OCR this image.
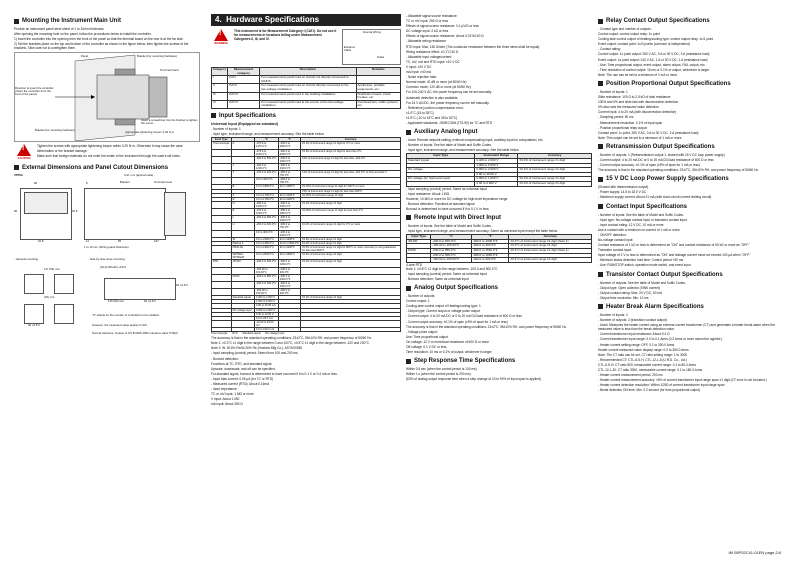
Mounting the Instrument Main Unit

Provide an instrument panel steel sheet of 1 to 10mm thickness.

After opening the mounting hole on the panel, follow the procedures below to install the controller.

1) Insert the controller into the opening from the front of the panel so that the terminal board on the rear is at the far side.

2) Set the brackets place on the top and bottom of the controller as shown in the figure below, then tighten the screws of the brackets. Take care not to overtighten them.

Panel	Bracket (for mounting hardware)
Terminal board
Direction to insert the controller (Insert the controller from the front of the panel)
Insert a screwdriver into the bracket to tighten the screw.
Bracket (for mounting hardware)	Appropriate tightening torque: 0.29 N·m
!
CAUTION

Tighten the screws with appropriate tightening torque within 0.29 N·m. Otherwise it may cause the case deformation or the bracket damage.

Make sure that foreign materials do not enter the inside of the instrument through the case's slit holes.

External Dimensions and Panel Cutout Dimensions
UP55A	Unit: mm (approximate)
Bracket	Terminal cover
96
96	91.8
91.8	65	107
11
8
1 to 10 mm (Wiring panel thickness)
- General mounting	- Side-by-side close mounting
[(N-1)×96+92] +0.8 0
117 (53) min.
(25) min.
92 +0.8 0
92 +0.8 0
145 (53) min.	92 +0.8 0
"N" stands for the number of controllers to be installed.
However, the measured value applies if N≥5.
Normal tolerance: ±(value of JIS B 0405-1991 tolerance class IT18)/2
4.
Hardware Specifications
!
WARNING

This instrument is for Measurement Category I (CAT.I). Do not use it for measurements in locations falling under Measurement Categories II, III, and IV.

Internal Wiring
Entrance Cable
Outlet
Category	Measurement category	Description	Remarks
I	CAT.I	For measurements performed on circuits not directly connected to MAINS.	
II	CAT.II	For measurements performed on circuits directly connected to the low-voltage installation.	Appliances, portable equipments, etc.
III	CAT.III	For measurements performed in the building installation.	Distribution board, circuit breaker, etc.
IV	CAT.IV	For measurements performed at the source of the low-voltage installation.	Overhead wire, cable systems, etc.
Input Specifications

Universal Input (Equipped as standard)

- Number of inputs: 1

- Input type, instrument range, and measurement accuracy: See the table below.

Input Type		°C	°F	Accuracy
Thermocouple	K	-270.0 to 1370.0°C	-450.0 to 2500.0°F	±0.1% of instrument range ±1 digit for 0°C or more
		-270.0 to 1000.0°C	-450.0 to 2300.0°F	±0.2% of instrument range ±1 digit for less than 0°C
		-200.0 to 500.0°C	-200.0 to 1000.0°F	±2% of instrument range ±1 digit for less than -200.0°C
	J	-200.0 to 1200.0°C	-300.0 to 2300.0°F	
	T	-270.0 to 400.0°C	-450.0 to 750.0°F	±1% of instrument range ±1 digit for less than -200.0°C of thermocouple T
		0.0 to 400.0°C	-200.0 to 750.0°F	
	B	0.0 to 1800.0°C	32 to 3300°F	±0.15% of instrument range ±1 digit for 400°C or more
				±5% of instrument range ±1 digit for less than 400°C
	S	0.0 to 1700.0°C	32 to 3100°F	±0.15% of instrument range ±1 digit
	R	0.0 to 1700.0°C	32 to 3100°F	
	N	-200.0 to 1300.0°C	-300.0 to 2400.0°F	±0.1% of instrument range ±1 digit
	E	-270.0 to 1000.0°C	-450.0 to 1800.0°F	±0.25% of instrument range ±1 digit for less than 0°C
	L	-200.0 to 900.0°C	-300.0 to 1600.0°F	
	U	-200.0 to 400.0°C	-300.0 to 750.0°F	±0.1% of instrument range ±1 digit for 0°C or more
		0.0 to 400.0°C	-200.0 to 1000.0°F	
	W	0.0 to 2300.0°C	32 to 4200°F	±0.2% of instrument range ±1 digit
	Platinel 2	0.0 to 1390.0°C	32.0 to 2500.0°F	±0.1% of instrument range ±1 digit
	PR20-40	0.0 to 1900.0°C	32 to 3400°F	±0.5% of instrument range ±1 digit for 800°C or more; Accuracy is not guaranteed for less than 800°C
	W97Re3-W75Re25	0.0 to 2000.0°C	32 to 3600°F	±0.2% of instrument range ±1 digit
RTD	JPt100	-200.0 to 500.0°C	-300.0 to 1000.0°F	±0.1% of instrument range ±1 digit
		-150.00 to 150.00°C	-200.0 to 300.0°F	
	Pt100	-200.0 to 850.0°C	-300.0 to 1560.0°F	
		-200.0 to 500.0°C	-300.0 to 1000.0°F	
		-150.00 to 150.00°C	-200.0 to 300.0°F	
	Standard signal	0.400 to 2.000 V		±0.1% of instrument range ±1 digit
		1.000 to 5.000 V		
		4.00 to 20.00 mA		
	DC voltage input	0.000 to 2.000 V		
		0.00 to 10.00 V		
		0.0 to 20.0 mA		
		-10.00 to 20.00 mV		
		0.0 to 100.0 mV		
Thermocouple RTD Standard signal DC voltage input

The accuracy is that in the standard operating conditions: 23±2°C, 55±10% RH, and power frequency of 50/60 Hz.

Note 1: ±0.3°C ±1 digit in the range between 0 and 100°C, ±0.5°C ±1 digit in the range between -100 and 200°C.

Note 2: W: W-5% Re/W-26% Re (Hoskins Mfg.Co.), ASTM E988

- Input sampling (control) period: Select from 100 and 200 ms.

- Burnout detection:

Functions at TC, RTD, and standard signal.

Upscale, downscale, and off can be specified.

For standard signal, burnout is determined to have occurred if it is 0.1 V or 0.4 mA or less.

- Input bias current: 0.05 μA (for TC or RTD)

- Measured current (RTD): About 0.16mA

- Input impedance:

TC or mV input: 1 MΩ or more

V input: About 1 MΩ

mA input: About 250 Ω

- Allowable signal source resistance:

TC or mV input: 250 Ω or less

Effects of signal source resistance: 0.1 μV/Ω or less

DC voltage input: 2 kΩ or less

Effects of signal source resistance: About 0.01%/100 Ω

- Allowable wiring resistance

RTD input: Max. 150 Ω/wire (The conductor resistance between the three wires shall be equal).

Wiring resistance effect: ±0.1°C/10 Ω

- Allowable input voltage/current:

TC, mV, mA and RTD input: ±10 V DC

V input: ±20 V DC

mA input: ±40 mA

- Noise rejection ratio:

Normal mode: 40 dB or more (at 50/60 Hz)

Common mode: 120 dB or more (at 50/60 Hz)

For 100-240 V AC, the power frequency can be set manually.

Automatic detection is also available.

For 24 V AC/DC, the power frequency can be set manually.

- Reference junction compensation error:

±1.0°C (15 to 35°C)

±1.5°C (-10 to 15°C and 35 to 50°C)

- Applicable standards: JIS/IEC/DIN (ITS-90) for TC and RTD

Auxiliary Analog Input

- Used: Remote setpoint setting, external compensating input, auxiliary input for computation, etc.

- Number of inputs: See the table of Model and Suffix Codes.

- Input type, instrument range, and measurement accuracy: See the table below.

Input Type	Instrument Range	Accuracy
Standard signal	0.400 to 2.000 V	±0.1% of instrument range ±1 digit
	1.000 to 5.000 V	
DC voltage	0.000 to 2.000 V	±0.1% of instrument range ±1 digit
	0.00 to 10.00 V	
DC voltage (for high-level input)	0.000 to 1.000 V	±0.1% of instrument range ±1 digit
	0.00 to 2.000 V	±0.1% of instrument range ±1 digit

- Input sampling (control) period: Same as universal input

- Input resistance: About 1 MΩ

However, 10 MΩ or more for DC voltage for high-level impedance range

- Burnout detection: Functions at standard signal

Burnout is determined to have occurred if it is 0.1 V or less.

Remote Input with Direct Input

- Number of inputs: See the table of Model and Suffix Codes.

- Input type, instrument range, and measurement accuracy: Same as universal input except the table below.

Input Type	°C	°F	Accuracy
JPt100	-200.0 to 500.0°C	-300.0 to 1000.0°F	±0.4°C of instrument range ±1 digit (Note 1)
	-150.00 to 150.00°C	-200.0 to 300.0°F	±0.4°C of instrument range ±1 digit
Pt100	-200.0 to 850.0°C	-300.0 to 1560.0°F	±0.4°C of instrument range ±1 digit (Note 1)
	-200.0 to 500.0°C	-300.0 to 1000.0°F	
	-150.00 to 150.00°C	-200.0 to 300.0°F	±0.4°C of instrument range ±1 digit
4-wire RTD

Note 1: ±0.8°C ±1 digit in the range between -200.0 and 500.0°C.

- Input sampling (control) period: Same as universal input

- Burnout detection: Same as universal input

Analog Output Specifications

- Number of outputs:

Control output: 1

Cooling-side control output of Heating/cooling type: 1

- Output type: Current output or voltage pulse output

- Current output: 4 to 20 mA DC or 0 to 20 mA DC/load resistance of 600 Ω or less

- Current output accuracy: ±0.1% of span (±5% of span for 1 mA or less)

The accuracy is that in the standard operating conditions: 23±2°C, 55±10% RH, and power frequency of 50/60 Hz.

- Voltage pulse output:

Use: Time proportional output

On-voltage: 12 V or more/load resistance of 600 Ω or more

Off-voltage: 0.1 V DC or less

Time resolution: 10 ms or 0.1% of output, whichever is larger

Step Response Time Specifications

Within 0.5 sec (when the control period is 100 ms)

Within 1 s (when the control period is 200 ms)

(63% of analog output response time when a step change of 10 to 90% of input span is applied)

Relay Contact Output Specifications

- Contact type and number of outputs:

Control output: control output relay: 1c point

Cooling-side control output of heating/cooling type: control output relay: 1c/1 point

Event output: contact point: 1c/3 points (common is independent)

- Contact rating:

Control output: 1c point output: 250 V AC, 3 A or 30 V DC, 3 A (resistance load)

Event output: 1a point output: 240 V AC, 1 A or 30 V DC, 1 A (resistance load)

- Use: Time proportional output, event output, alarm output, FAIL output, etc.

- Time resolution of control output: 10 ms or 0.1% of output, whichever is larger

Note: The use can be set to a minimum of 1 mA or more.

Position Proportional Output Specifications

- Number of inputs: 1

Slide resistance: 100 Ω to 2.5 kΩ of total resistance

100% and 0% and slide fast with disconnection detection

0% also sets the measured value detection

Current input: 4 to 20 mA (with disconnection detection)

- Sampling period: 50 ms

- Measurement resolution: 0.1% of input span

- Position proportional relay output:

Contact point: 1c point, 250 V AC, 3 A or 30 V DC, 3 A (resistance load)

Note: This output can be set to a minimum of 1 mA or more.

Retransmission Output Specifications

- Number of outputs: 1 (Retransmission output 1, shared with 15 V DC loop power supply)

- Current output: 4 to 20 mA DC or 0 to 20 mA DC/load resistance of 600 Ω or less

- Current output accuracy: ±0.1% of span (±5% of span for 1 mA or less)

The accuracy is that in the standard operating conditions: 23±2°C, 55±10% RH, and power frequency of 50/60 Hz.

15 V DC Loop Power Supply Specifications

(Shared with retransmission output)

- Power supply: 14.5 to 18.0 V DC

- Maximum supply current: About 21 mA (with short-circuit current limiting circuit)

Contact Input Specifications

- Number of inputs: See the table of Model and Suffix Codes.

- Input type: No-voltage contact input or transistor contact input

- Input contact rating: 12 V DC, 10 mA or more

Use a contact with a minimum on-current of 1 mA or more.

- ON/OFF detection:

No-voltage contact input:

Contact resistance of 1 kΩ or less is determined as "ON" and contact resistance of 50 kΩ or more as "OFF."

Transistor contact input:

Input voltage of 2 V or less is determined as "ON" and leakage current must not exceed 100 μA when "OFF."

- Minimum status detection hold time: Control period +50 ms

- Use: RUN/STOP switch, operation mode switch, and event input

Transistor Contact Output Specifications

- Number of outputs: See the table of Model and Suffix Codes.

- Output type: Open collector (SINK current)

- Output contact rating: Max. 24 V DC, 50 mA

- Output time resolution: Min. 10 ms

Heater Break Alarm Specifications

- Number of inputs: 2

- Number of outputs: 2 (transistor contact output)

- Used: Measures the heater current using an external current transformer (CT) and generates a heater break alarm when the measured value is less than the break detection value.

- Current transformer input resistance: About 9.4 Ω

- Current transformer input range: 0.0 to 0.1 Arms (0.2 Arms or more cannot be applied.)

- Heater current setting range: OFF, 0.1 to 300.0 Arms

Heater current measured value display range: 0.0 to 360.0 Arms

Note: The CT ratio can be set. CT ratio setting range: 1 to 3300

- Recommended CT: CTL-6-S-H, CTL-12-L-8 (U.R.D. Co., Ltd.)

CTL-6-S-H: CT ratio 800, measurable current range: 0.1 to 80.0 Arms

CTL-12-L-30: CT ratio 3000, measurable current range: 0.1 to 180.0 Arms

- Heater current measurement period: 200 ms

- Heater current measurement accuracy: ±5% of current transformer input range span ±1 digit (CT error is not included.)

- Heater current detection resolution: Within 1/250 of current transformer input range span

- Break detection ON time: Min. 0.2 second (for time proportional output)

IM 05P02C41-01EN page 2/4
